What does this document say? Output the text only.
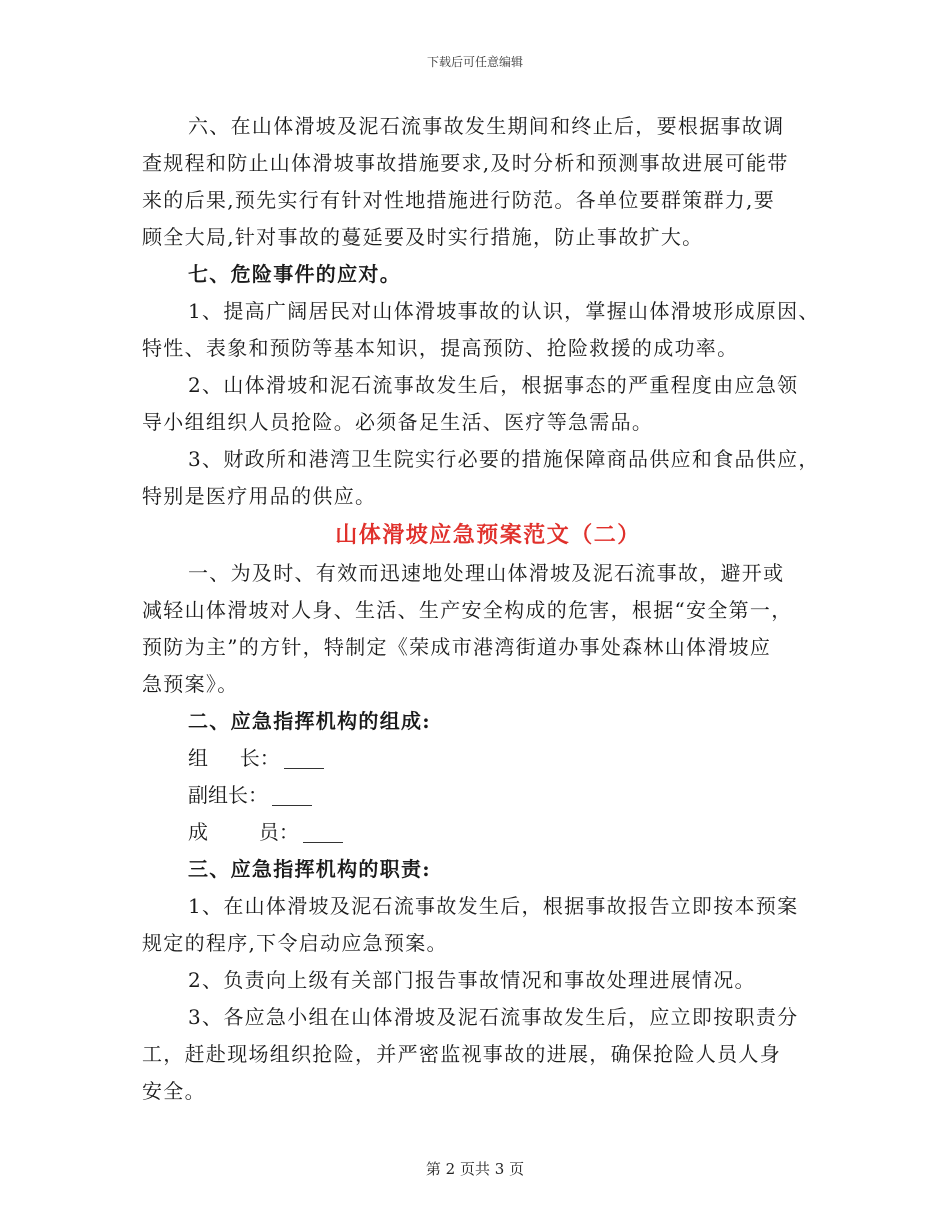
下载后可任意编辑
六、在山体滑坡及泥石流事故发生期间和终止后，要根据事故调
查规程和防止山体滑坡事故措施要求,及时分析和预测事故进展可能带
来的后果,预先实行有针对性地措施进行防范。各单位要群策群力,要
顾全大局,针对事故的蔓延要及时实行措施，防止事故扩大。
七、危险事件的应对。
1、提高广阔居民对山体滑坡事故的认识，掌握山体滑坡形成原因、
特性、表象和预防等基本知识，提高预防、抢险救援的成功率。
2、山体滑坡和泥石流事故发生后，根据事态的严重程度由应急领
导小组组织人员抢险。必须备足生活、医疗等急需品。
3、财政所和港湾卫生院实行必要的措施保障商品供应和食品供应，
特别是医疗用品的供应。
山体滑坡应急预案范文（二）
一、为及时、有效而迅速地处理山体滑坡及泥石流事故，避开或
减轻山体滑坡对人身、生活、生产安全构成的危害，根据“安全第一，
预防为主”的方针，特制定《荣成市港湾街道办事处森林山体滑坡应
急预案》。
二、应急指挥机构的组成:
组     长：
副组长：
成        员：
三、应急指挥机构的职责:
1、在山体滑坡及泥石流事故发生后，根据事故报告立即按本预案
规定的程序,下令启动应急预案。
2、负责向上级有关部门报告事故情况和事故处理进展情况。
3、各应急小组在山体滑坡及泥石流事故发生后，应立即按职责分
工，赶赴现场组织抢险，并严密监视事故的进展，确保抢险人员人身
安全。
第 2 页共 3 页
